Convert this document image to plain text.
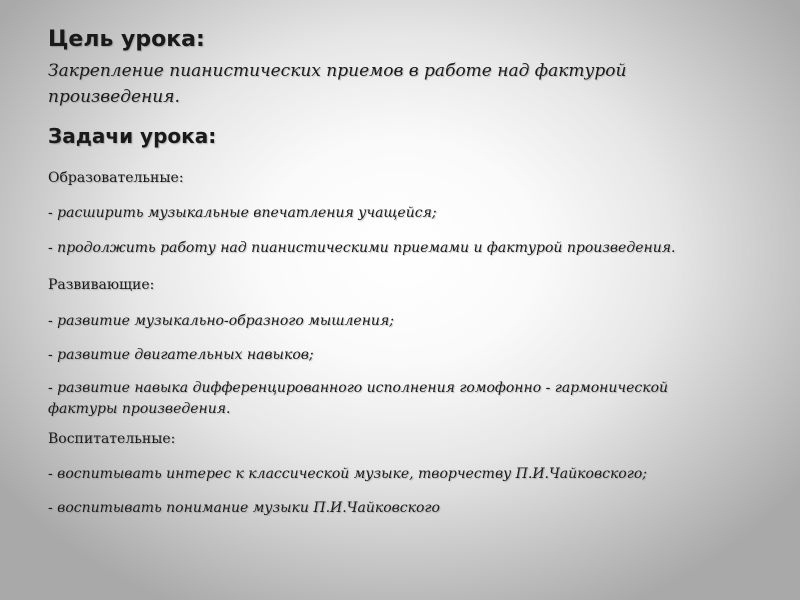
Цель урока:

Закрепление пианистических приемов в работе над фактурой произведения.

Задачи урока:
Образовательные:
- расширить музыкальные впечатления учащейся;
- продолжить работу над пианистическими приемами и фактурой произведения.
Развивающие:
- развитие музыкально-образного мышления;
- развитие двигательных навыков;
- развитие навыка дифференцированного исполнения гомофонно - гармонической фактуры произведения.
Воспитательные:
- воспитывать интерес к классической музыке, творчеству П.И.Чайковского;
- воспитывать понимание музыки П.И.Чайковского
